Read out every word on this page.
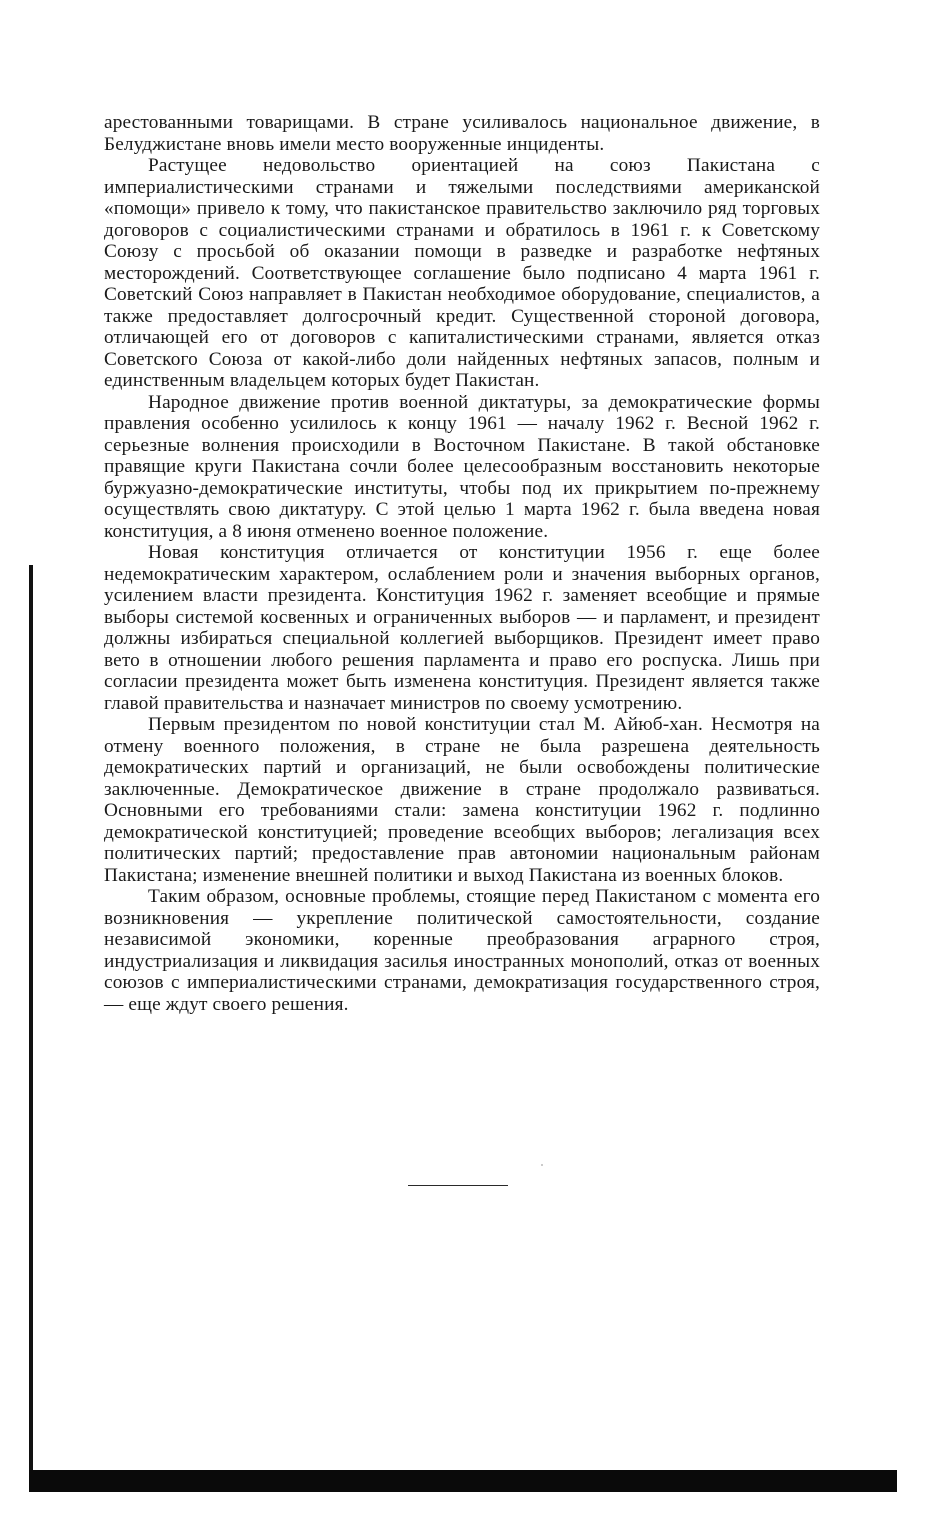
арестованными товарищами. В стране усиливалось национальное движение, в Белуджистане вновь имели место вооруженные инциденты.

Растущее недовольство ориентацией на союз Пакистана с империалистическими странами и тяжелыми последствиями американской «помощи» привело к тому, что пакистанское правительство заключило ряд торговых договоров с социалистическими странами и обратилось в 1961 г. к Советскому Союзу с просьбой об оказании помощи в разведке и разработке нефтяных месторождений. Соответствующее соглашение было подписано 4 марта 1961 г. Советский Союз направляет в Пакистан необходимое оборудование, специалистов, а также предоставляет долгосрочный кредит. Существенной стороной договора, отличающей его от договоров с капиталистическими странами, является отказ Советского Союза от какой-либо доли найденных нефтяных запасов, полным и единственным владельцем которых будет Пакистан.

Народное движение против военной диктатуры, за демократические формы правления особенно усилилось к концу 1961 — началу 1962 г. Весной 1962 г. серьезные волнения происходили в Восточном Пакистане. В такой обстановке правящие круги Пакистана сочли более целесообразным восстановить некоторые буржуазно-демократические институты, чтобы под их прикрытием по-прежнему осуществлять свою диктатуру. С этой целью 1 марта 1962 г. была введена новая конституция, а 8 июня отменено военное положение.

Новая конституция отличается от конституции 1956 г. еще более недемократическим характером, ослаблением роли и значения выборных органов, усилением власти президента. Конституция 1962 г. заменяет всеобщие и прямые выборы системой косвенных и ограниченных выборов — и парламент, и президент должны избираться специальной коллегией выборщиков. Президент имеет право вето в отношении любого решения парламента и право его роспуска. Лишь при согласии президента может быть изменена конституция. Президент является также главой правительства и назначает министров по своему усмотрению.

Первым президентом по новой конституции стал М. Айюб-хан. Несмотря на отмену военного положения, в стране не была разрешена деятельность демократических партий и организаций, не были освобождены политические заключенные. Демократическое движение в стране продолжало развиваться. Основными его требованиями стали: замена конституции 1962 г. подлинно демократической конституцией; проведение всеобщих выборов; легализация всех политических партий; предоставление прав автономии национальным районам Пакистана; изменение внешней политики и выход Пакистана из военных блоков.

Таким образом, основные проблемы, стоящие перед Пакистаном с момента его возникновения — укрепление политической самостоятельности, создание независимой экономики, коренные преобразования аграрного строя, индустриализация и ликвидация засилья иностранных монополий, отказ от военных союзов с империалистическими странами, демократизация государственного строя, — еще ждут своего решения.
